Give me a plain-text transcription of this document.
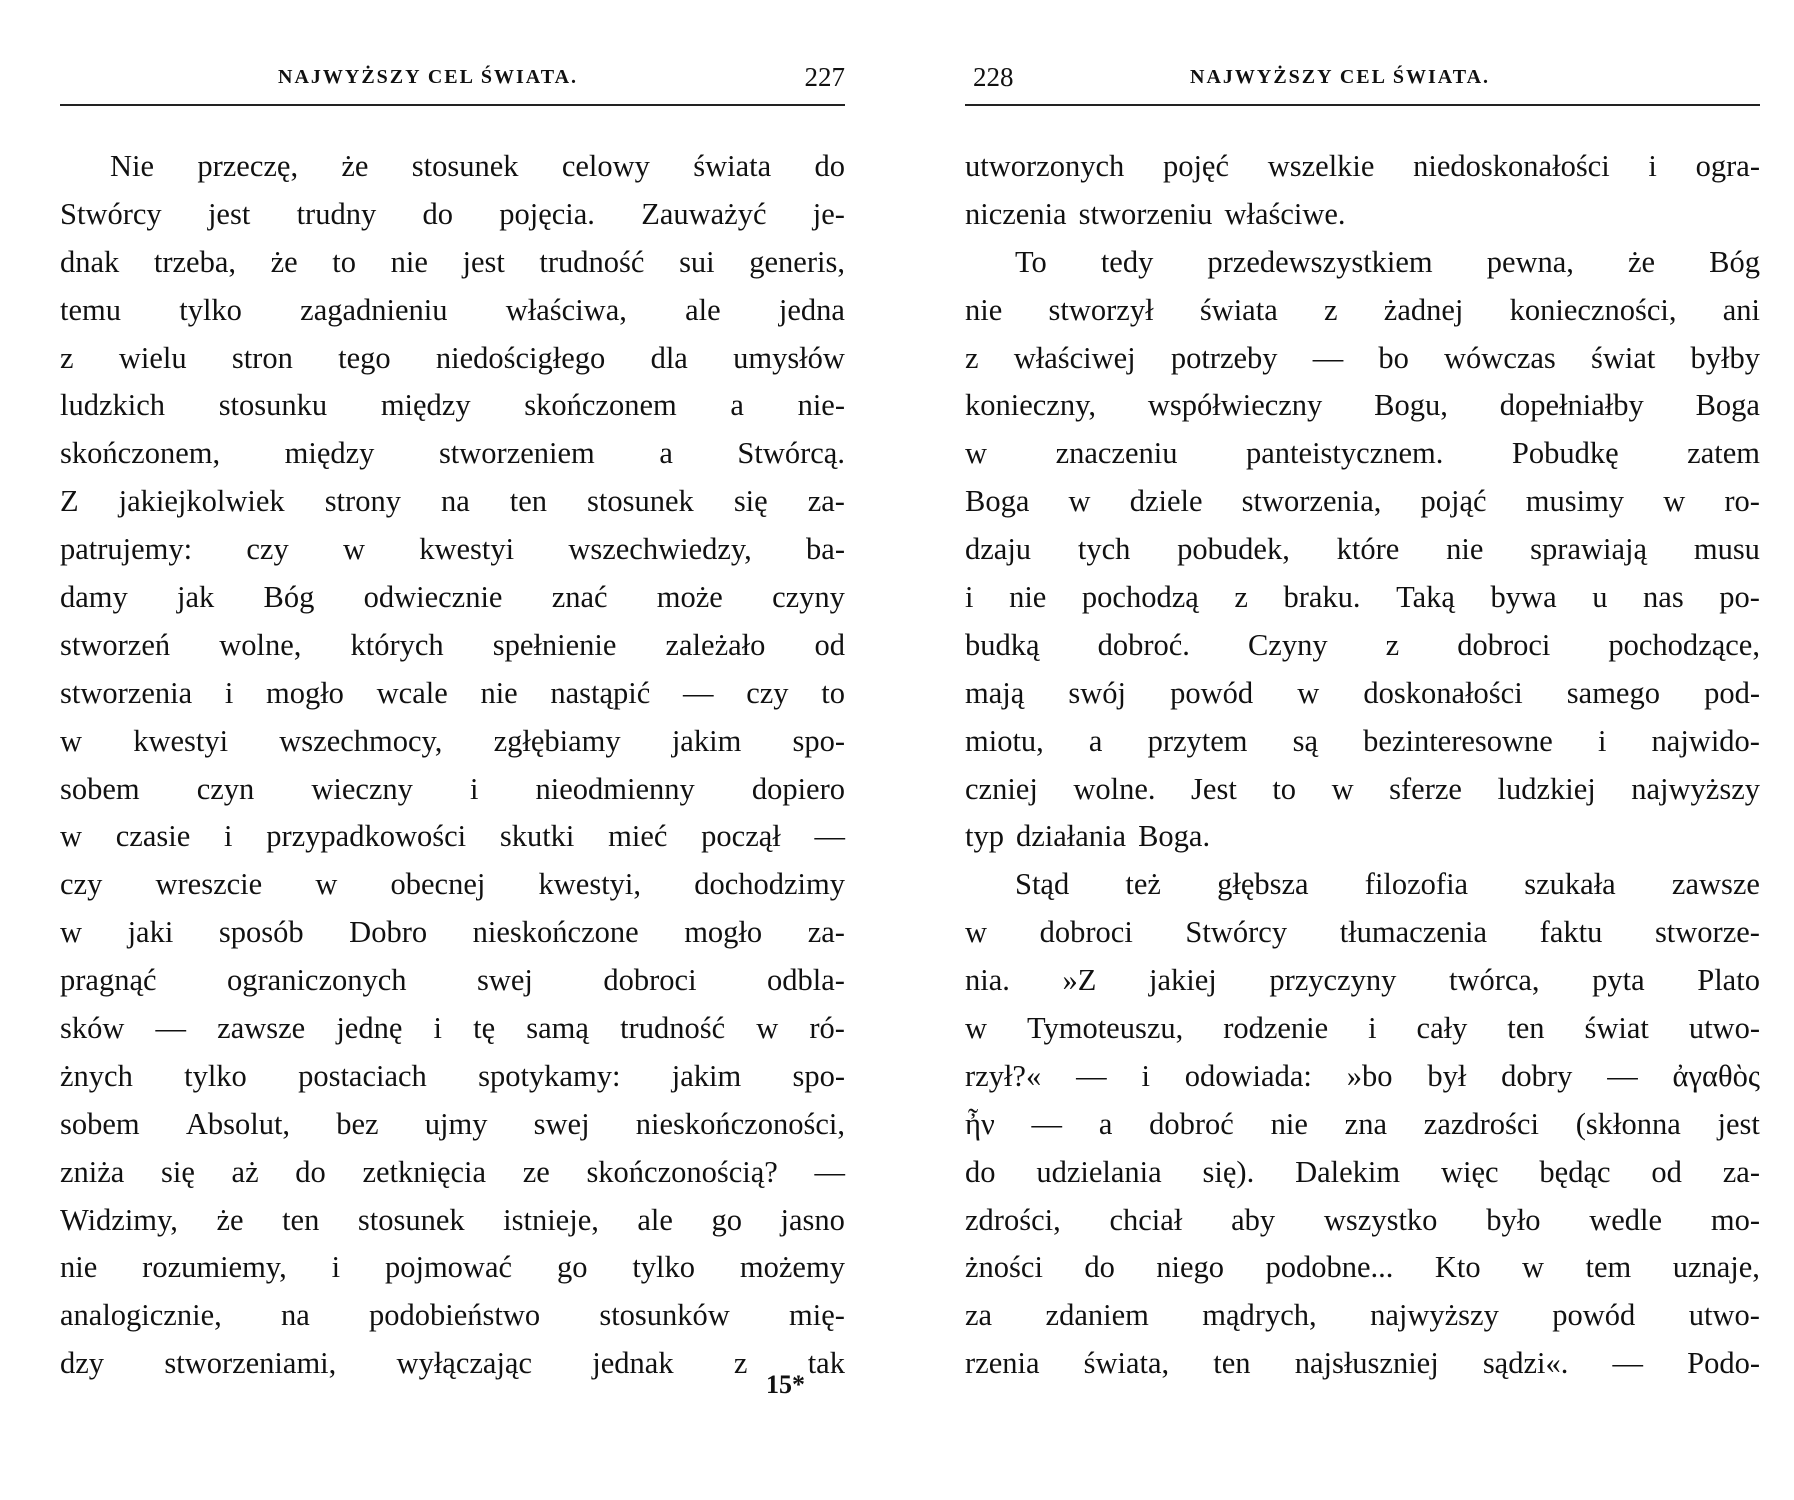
NAJWYŻSZY CEL ŚWIATA.	227
Nie przeczę, że stosunek celowy świata do
Stwórcy jest trudny do pojęcia. Zauważyć je-
dnak trzeba, że to nie jest trudność sui generis,
temu tylko zagadnieniu właściwa, ale jedna
z wielu stron tego niedościgłego dla umysłów
ludzkich stosunku między skończonem a nie-
skończonem, między stworzeniem a Stwórcą.
Z jakiejkolwiek strony na ten stosunek się za-
patrujemy: czy w kwestyi wszechwiedzy, ba-
damy jak Bóg odwiecznie znać może czyny
stworzeń wolne, których spełnienie zależało od
stworzenia i mogło wcale nie nastąpić — czy to
w kwestyi wszechmocy, zgłębiamy jakim spo-
sobem czyn wieczny i nieodmienny dopiero
w czasie i przypadkowości skutki mieć począł —
czy wreszcie w obecnej kwestyi, dochodzimy
w jaki sposób Dobro nieskończone mogło za-
pragnąć ograniczonych swej dobroci odbla-
sków — zawsze jednę i tę samą trudność w ró-
żnych tylko postaciach spotykamy: jakim spo-
sobem Absolut, bez ujmy swej nieskończoności,
zniża się aż do zetknięcia ze skończonością? —
Widzimy, że ten stosunek istnieje, ale go jasno
nie rozumiemy, i pojmować go tylko możemy
analogicznie, na podobieństwo stosunków mię-
dzy stworzeniami, wyłączając jednak z tak
15*
228	NAJWYŻSZY CEL ŚWIATA.
utworzonych pojęć wszelkie niedoskonałości i ogra-
niczenia stworzeniu właściwe.
To tedy przedewszystkiem pewna, że Bóg
nie stworzył świata z żadnej konieczności, ani
z właściwej potrzeby — bo wówczas świat byłby
konieczny, współwieczny Bogu, dopełniałby Boga
w znaczeniu panteistycznem. Pobudkę zatem
Boga w dziele stworzenia, pojąć musimy w ro-
dzaju tych pobudek, które nie sprawiają musu
i nie pochodzą z braku. Taką bywa u nas po-
budką dobroć. Czyny z dobroci pochodzące,
mają swój powód w doskonałości samego pod-
miotu, a przytem są bezinteresowne i najwido-
czniej wolne. Jest to w sferze ludzkiej najwyższy
typ działania Boga.
Stąd też głębsza filozofia szukała zawsze
w dobroci Stwórcy tłumaczenia faktu stworze-
nia. »Z jakiej przyczyny twórca, pyta Plato
w Tymoteuszu, rodzenie i cały ten świat utwo-
rzył?« — i odowiada: »bo był dobry — ἀγαθὸς
ἦν — a dobroć nie zna zazdrości (skłonna jest
do udzielania się). Dalekim więc będąc od za-
zdrości, chciał aby wszystko było wedle mo-
żności do niego podobne... Kto w tem uznaje,
za zdaniem mądrych, najwyższy powód utwo-
rzenia świata, ten najsłuszniej sądzi«. — Podo-
